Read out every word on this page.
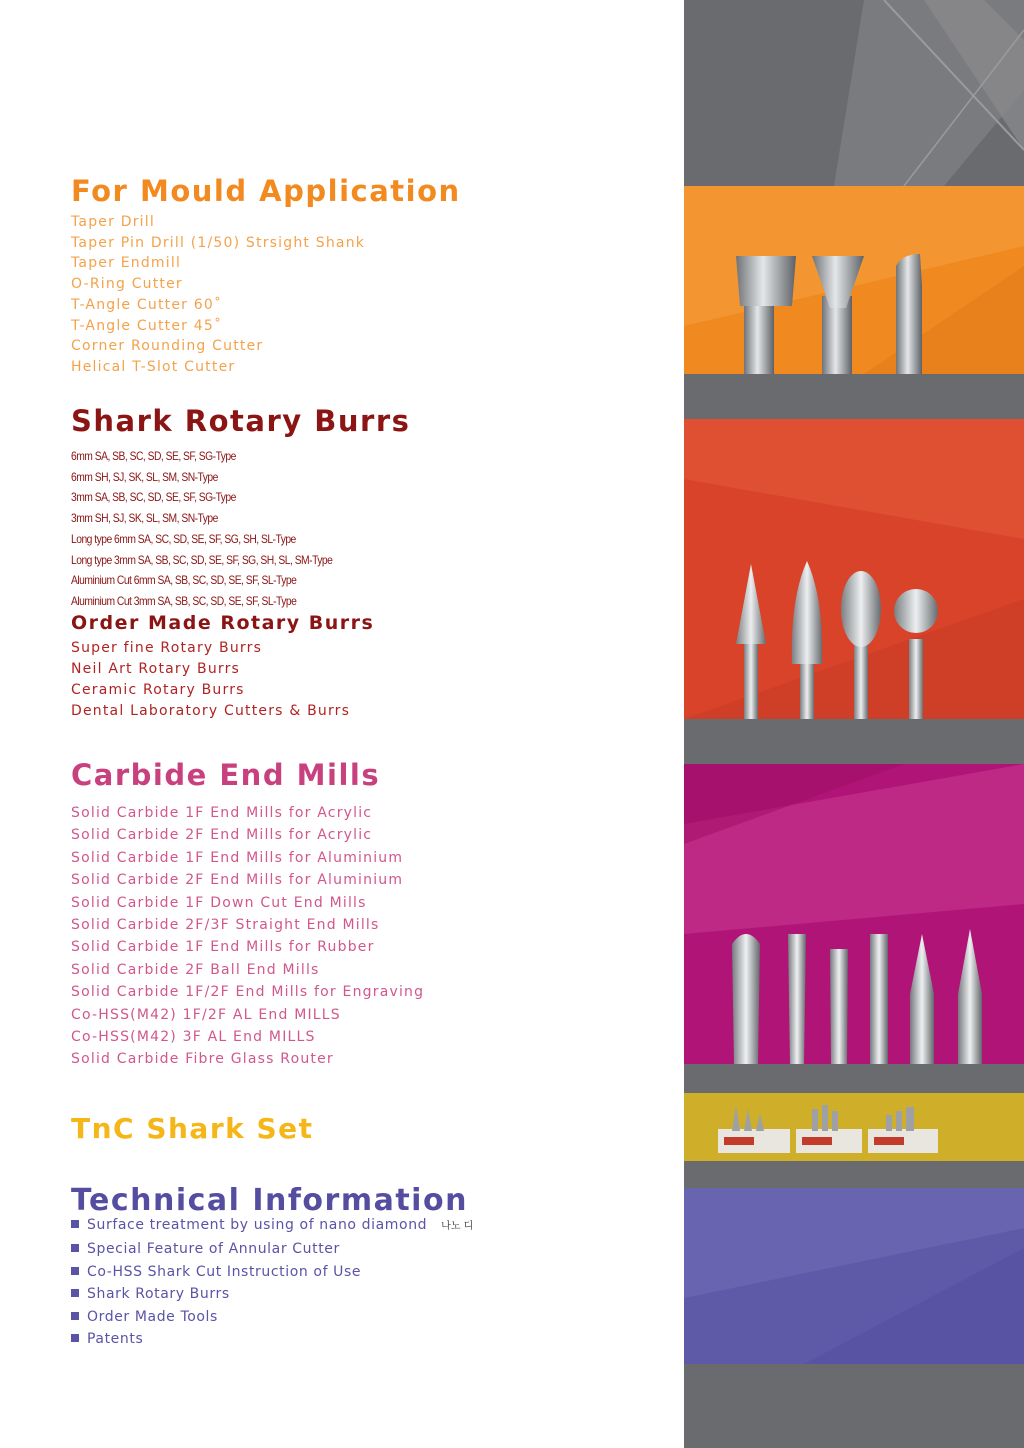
For Mould Application
Taper Drill
Taper Pin Drill (1/50) Strsight Shank
Taper Endmill
O-Ring Cutter
T-Angle Cutter 60˚
T-Angle Cutter 45˚
Corner Rounding Cutter
Helical T-Slot Cutter
Shark Rotary Burrs
6mm SA, SB, SC, SD, SE, SF, SG-Type
6mm SH, SJ, SK, SL, SM, SN-Type
3mm SA, SB, SC, SD, SE, SF, SG-Type
3mm SH, SJ, SK, SL, SM, SN-Type
Long type 6mm SA, SC, SD, SE, SF, SG, SH, SL-Type
Long type 3mm SA, SB, SC, SD, SE, SF, SG, SH, SL, SM-Type
Aluminium Cut 6mm SA, SB, SC, SD, SE, SF, SL-Type
Aluminium Cut 3mm SA, SB, SC, SD, SE, SF, SL-Type
Order Made Rotary Burrs
Super fine Rotary Burrs
Neil Art Rotary Burrs
Ceramic Rotary Burrs
Dental Laboratory Cutters & Burrs
Carbide End Mills
Solid Carbide 1F End Mills for Acrylic
Solid Carbide 2F End Mills for Acrylic
Solid Carbide 1F End Mills for Aluminium
Solid Carbide 2F End Mills for Aluminium
Solid Carbide 1F Down Cut End Mills
Solid Carbide 2F/3F Straight End Mills
Solid Carbide 1F End Mills for Rubber
Solid Carbide 2F Ball End Mills
Solid Carbide 1F/2F End Mills for Engraving
Co-HSS(M42) 1F/2F AL End MILLS
Co-HSS(M42) 3F AL End MILLS
Solid Carbide Fibre Glass Router
TnC Shark Set
Technical Information
Surface treatment by using of nano diamond 나노 디
Special Feature of Annular Cutter
Co-HSS Shark Cut Instruction of Use
Shark Rotary Burrs
Order Made Tools
Patents
